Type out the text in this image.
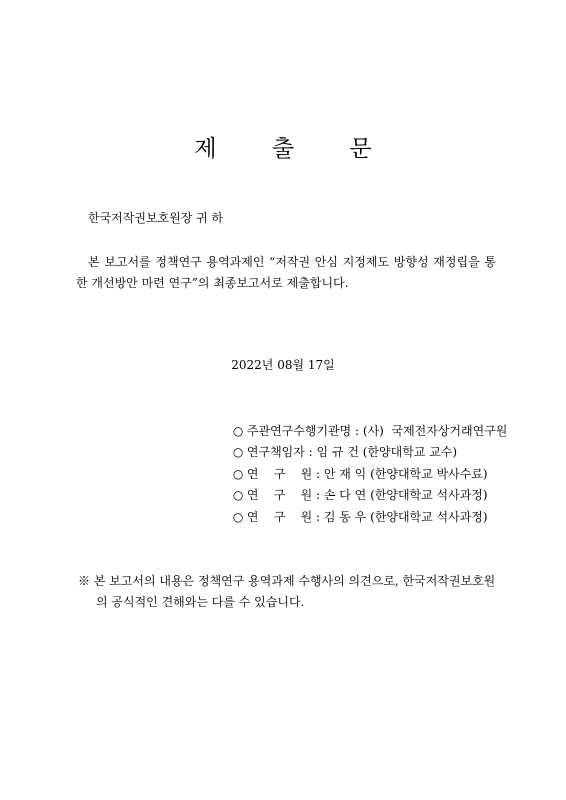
제 출 문
한국저작권보호원장 귀 하
본 보고서를 정책연구 용역과제인 “저작권 안심 지정제도 방향성 재정립을 통한 개선방안 마련 연구”의 최종보고서로 제출합니다.
2022년 08월 17일

○ 주관연구수행기관명 : (사)  국제전자상거래연구원

○ 연구책임자 : 임 규 건 (한양대학교 교수)

○ 연    구    원 : 안 재 익 (한양대학교 박사수료)

○ 연    구    원 : 손 다 연 (한양대학교 석사과정)

○ 연    구    원 : 김 동 우 (한양대학교 석사과정)

※ 본 보고서의 내용은 정책연구 용역과제 수행사의 의견으로, 한국저작권보호원
의 공식적인 견해와는 다를 수 있습니다.
